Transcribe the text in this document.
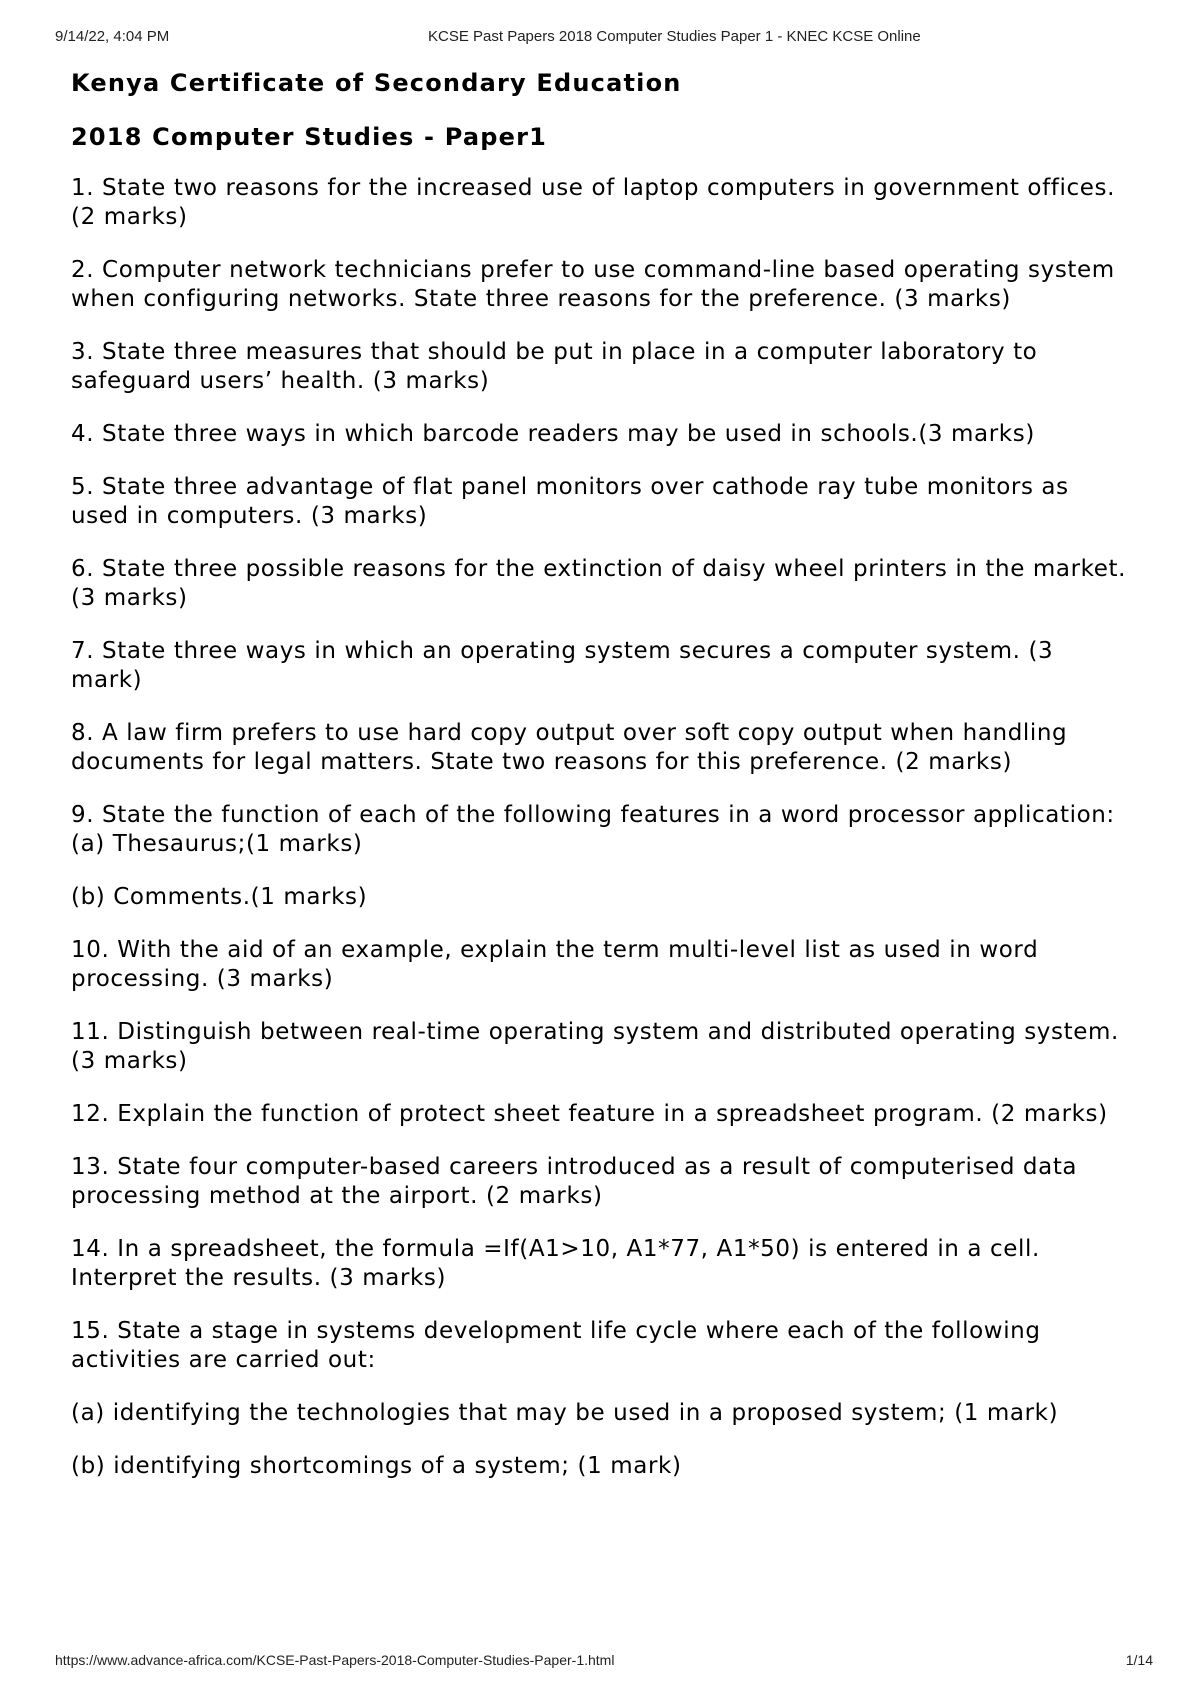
9/14/22, 4:04 PM	KCSE Past Papers 2018 Computer Studies Paper 1 - KNEC KCSE Online
Kenya Certificate of Secondary Education
2018 Computer Studies - Paper1

1. State two reasons for the increased use of laptop computers in government offices. (2 marks)

2. Computer network technicians prefer to use command-line based operating system when configuring networks. State three reasons for the preference. (3 marks)

3. State three measures that should be put in place in a computer laboratory to safeguard users’ health. (3 marks)

4. State three ways in which barcode readers may be used in schools.(3 marks)

5. State three advantage of flat panel monitors over cathode ray tube monitors as used in computers. (3 marks)

6. State three possible reasons for the extinction of daisy wheel printers in the market. (3 marks)

7. State three ways in which an operating system secures a computer system. (3 mark)

8. A law firm prefers to use hard copy output over soft copy output when handling documents for legal matters. State two reasons for this preference. (2 marks)

9. State the function of each of the following features in a word processor application: (a) Thesaurus;(1 marks)

(b) Comments.(1 marks)

10. With the aid of an example, explain the term multi-level list as used in word processing. (3 marks)

11. Distinguish between real-time operating system and distributed operating system. (3 marks)

12. Explain the function of protect sheet feature in a spreadsheet program. (2 marks)

13. State four computer-based careers introduced as a result of computerised data processing method at the airport. (2 marks)

14. In a spreadsheet, the formula =If(A1>10, A1*77, A1*50) is entered in a cell. Interpret the results. (3 marks)

15. State a stage in systems development life cycle where each of the following activities are carried out:

(a) identifying the technologies that may be used in a proposed system; (1 mark)

(b) identifying shortcomings of a system; (1 mark)

https://www.advance-africa.com/KCSE-Past-Papers-2018-Computer-Studies-Paper-1.html	1/14
